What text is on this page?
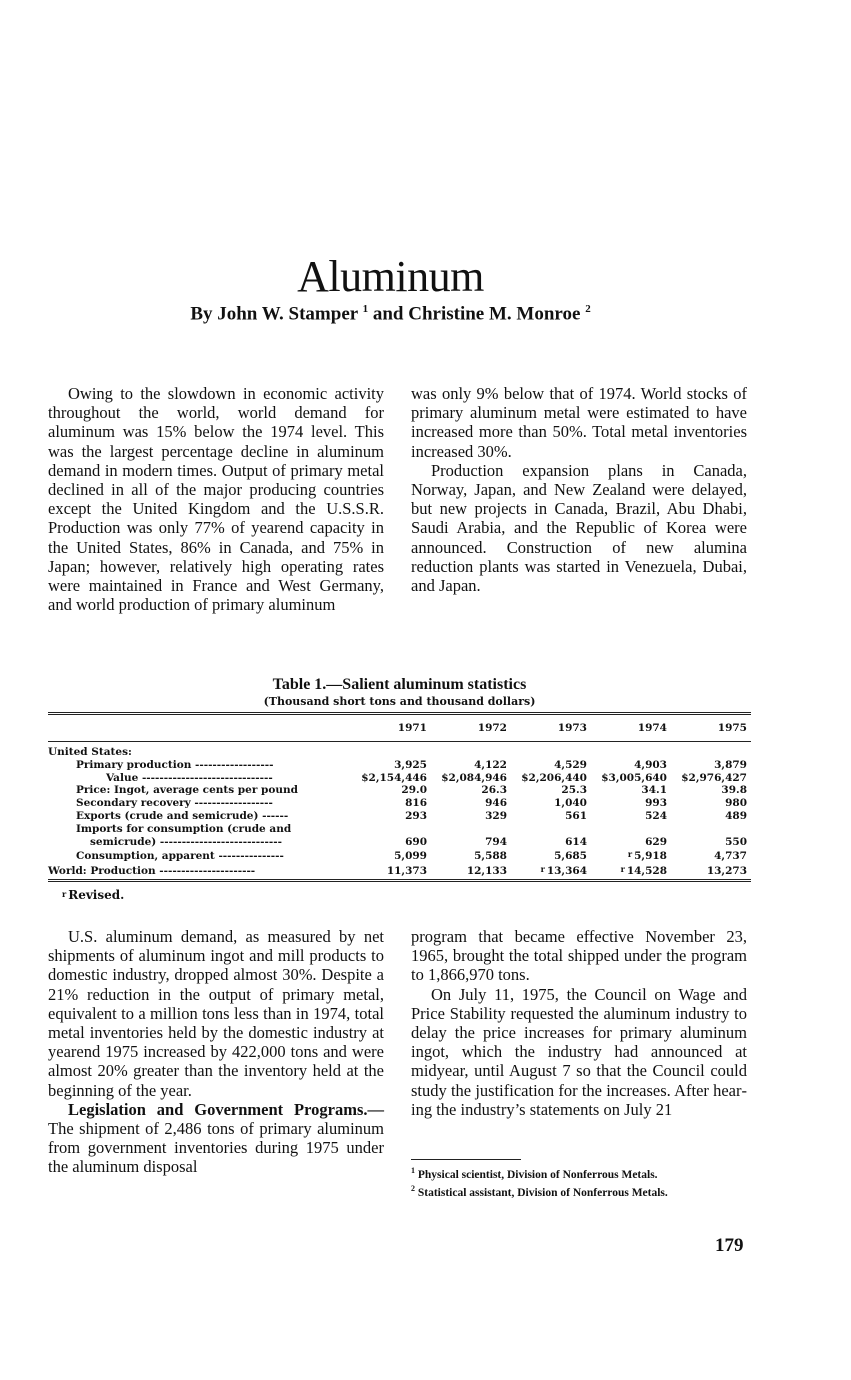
Aluminum
By John W. Stamper $^1$ and Christine M. Monroe $^2$

Owing to the slowdown in economic activity throughout the world, world demand for aluminum was 15% below the 1974 level. This was the largest percentage decline in aluminum demand in modern times. Output of primary metal declined in all of the major producing countries except the United Kingdom and the U.S.S.R. Production was only 77% of yearend capacity in the United States, 86% in Canada, and 75% in Japan; however, relatively high operating rates were maintained in France and West Germany, and world production of primary aluminum

was only 9% below that of 1974. World stocks of primary aluminum metal were estimated to have increased more than 50%. Total metal inventories increased 30%.

Production expansion plans in Canada, Norway, Japan, and New Zealand were delayed, but new projects in Canada, Brazil, Abu Dhabi, Saudi Arabia, and the Republic of Korea were announced. Construction of new alumina reduction plants was started in Venezuela, Dubai, and Japan.

Table 1.—Salient aluminum statistics
(Thousand short tons and thousand dollars)
	1971	1972	1973	1974	1975
United States:					
Primary production ------------------	3,925	4,122	4,529	4,903	3,879
Value ------------------------------	$2,154,446	$2,084,946	$2,206,440	$3,005,640	$2,976,427
Price: Ingot, average cents per pound	29.0	26.3	25.3	34.1	39.8
Secondary recovery ------------------	816	946	1,040	993	980
Exports (crude and semicrude) ------	293	329	561	524	489
Imports for consumption (crude and					
semicrude) ----------------------------	690	794	614	629	550
Consumption, apparent ---------------	5,099	5,588	5,685	r 5,918	4,737
World: Production ----------------------	11,373	12,133	r 13,364	r 14,528	13,273
r Revised.

U.S. aluminum demand, as measured by net shipments of aluminum ingot and mill products to domestic industry, dropped almost 30%. Despite a 21% reduction in the output of primary metal, equivalent to a million tons less than in 1974, total metal inventories held by the domestic industry at yearend 1975 increased by 422,000 tons and were almost 20% greater than the inventory held at the beginning of the year.

Legislation and Government Programs.—The shipment of 2,486 tons of primary aluminum from government inventories during 1975 under the aluminum disposal

program that became effective November 23, 1965, brought the total shipped under the program to 1,866,970 tons.

On July 11, 1975, the Council on Wage and Price Stability requested the aluminum industry to delay the price increases for primary aluminum ingot, which the industry had announced at midyear, until August 7 so that the Council could study the justification for the increases. After hearing the industry’s statements on July 21

$^1$ Physical scientist, Division of Nonferrous Metals.

$^2$ Statistical assistant, Division of Nonferrous Metals.

179
